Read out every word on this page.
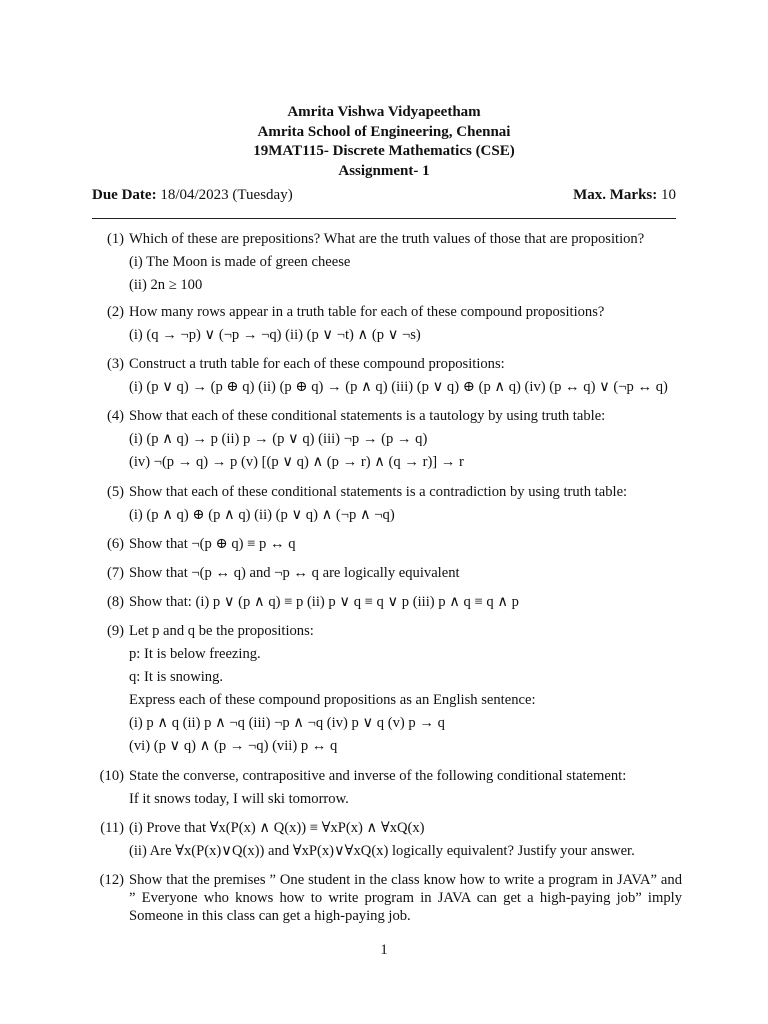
Amrita Vishwa Vidyapeetham
Amrita School of Engineering, Chennai
19MAT115- Discrete Mathematics (CSE)
Assignment- 1
Due Date: 18/04/2023 (Tuesday)	Max. Marks: 10
(1) Which of these are prepositions? What are the truth values of those that are proposition?

(i) The Moon is made of green cheese

(ii) 2n ≥ 100

(2) How many rows appear in a truth table for each of these compound propositions?

(i) (q → ¬p) ∨ (¬p → ¬q) (ii) (p ∨ ¬t) ∧ (p ∨ ¬s)

(3) Construct a truth table for each of these compound propositions:

(i) (p ∨ q) → (p ⊕ q) (ii) (p ⊕ q) → (p ∧ q) (iii) (p ∨ q) ⊕ (p ∧ q) (iv) (p ↔ q) ∨ (¬p ↔ q)

(4) Show that each of these conditional statements is a tautology by using truth table:

(i) (p ∧ q) → p (ii) p → (p ∨ q) (iii) ¬p → (p → q)

(iv) ¬(p → q) → p (v) [(p ∨ q) ∧ (p → r) ∧ (q → r)] → r

(5) Show that each of these conditional statements is a contradiction by using truth table:

(i) (p ∧ q) ⊕ (p ∧ q) (ii) (p ∨ q) ∧ (¬p ∧ ¬q)

(6) Show that ¬(p ⊕ q) ≡ p ↔ q

(7) Show that ¬(p ↔ q) and ¬p ↔ q are logically equivalent

(8) Show that: (i) p ∨ (p ∧ q) ≡ p (ii) p ∨ q ≡ q ∨ p (iii) p ∧ q ≡ q ∧ p

(9) Let p and q be the propositions:

p: It is below freezing.

q: It is snowing.

Express each of these compound propositions as an English sentence:

(i) p ∧ q (ii) p ∧ ¬q (iii) ¬p ∧ ¬q (iv) p ∨ q (v) p → q

(vi) (p ∨ q) ∧ (p → ¬q) (vii) p ↔ q

(10) State the converse, contrapositive and inverse of the following conditional statement:

If it snows today, I will ski tomorrow.

(11) (i) Prove that ∀x(P(x) ∧ Q(x)) ≡ ∀xP(x) ∧ ∀xQ(x)

(ii) Are ∀x(P(x)∨Q(x)) and ∀xP(x)∨∀xQ(x) logically equivalent? Justify your answer.

(12) Show that the premises ” One student in the class know how to write a program in JAVA” and ” Everyone who knows how to write program in JAVA can get a high-paying job” imply Someone in this class can get a high-paying job.

1
